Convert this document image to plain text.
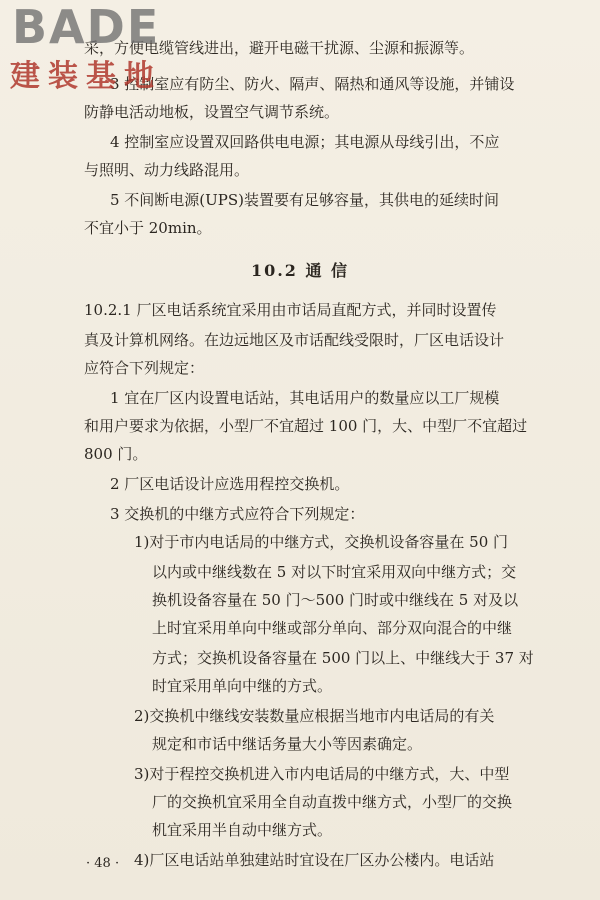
BADE
建装基地

采，方便电缆管线进出，避开电磁干扰源、尘源和振源等。

3 控制室应有防尘、防火、隔声、隔热和通风等设施，并铺设

防静电活动地板，设置空气调节系统。

4 控制室应设置双回路供电电源；其电源从母线引出，不应

与照明、动力线路混用。

5 不间断电源(UPS)装置要有足够容量，其供电的延续时间

不宜小于 20min。

10.2 通 信

10.2.1 厂区电话系统宜采用由市话局直配方式，并同时设置传

真及计算机网络。在边远地区及市话配线受限时，厂区电话设计

应符合下列规定：

1 宜在厂区内设置电话站，其电话用户的数量应以工厂规模

和用户要求为依据，小型厂不宜超过 100 门，大、中型厂不宜超过

800 门。

2 厂区电话设计应选用程控交换机。

3 交换机的中继方式应符合下列规定：

1)对于市内电话局的中继方式，交换机设备容量在 50 门

以内或中继线数在 5 对以下时宜采用双向中继方式；交

换机设备容量在 50 门～500 门时或中继线在 5 对及以

上时宜采用单向中继或部分单向、部分双向混合的中继

方式；交换机设备容量在 500 门以上、中继线大于 37 对

时宜采用单向中继的方式。

2)交换机中继线安装数量应根据当地市内电话局的有关

规定和市话中继话务量大小等因素确定。

3)对于程控交换机进入市内电话局的中继方式，大、中型

厂的交换机宜采用全自动直拨中继方式，小型厂的交换

机宜采用半自动中继方式。

4)厂区电话站单独建站时宜设在厂区办公楼内。电话站

· 48 ·
